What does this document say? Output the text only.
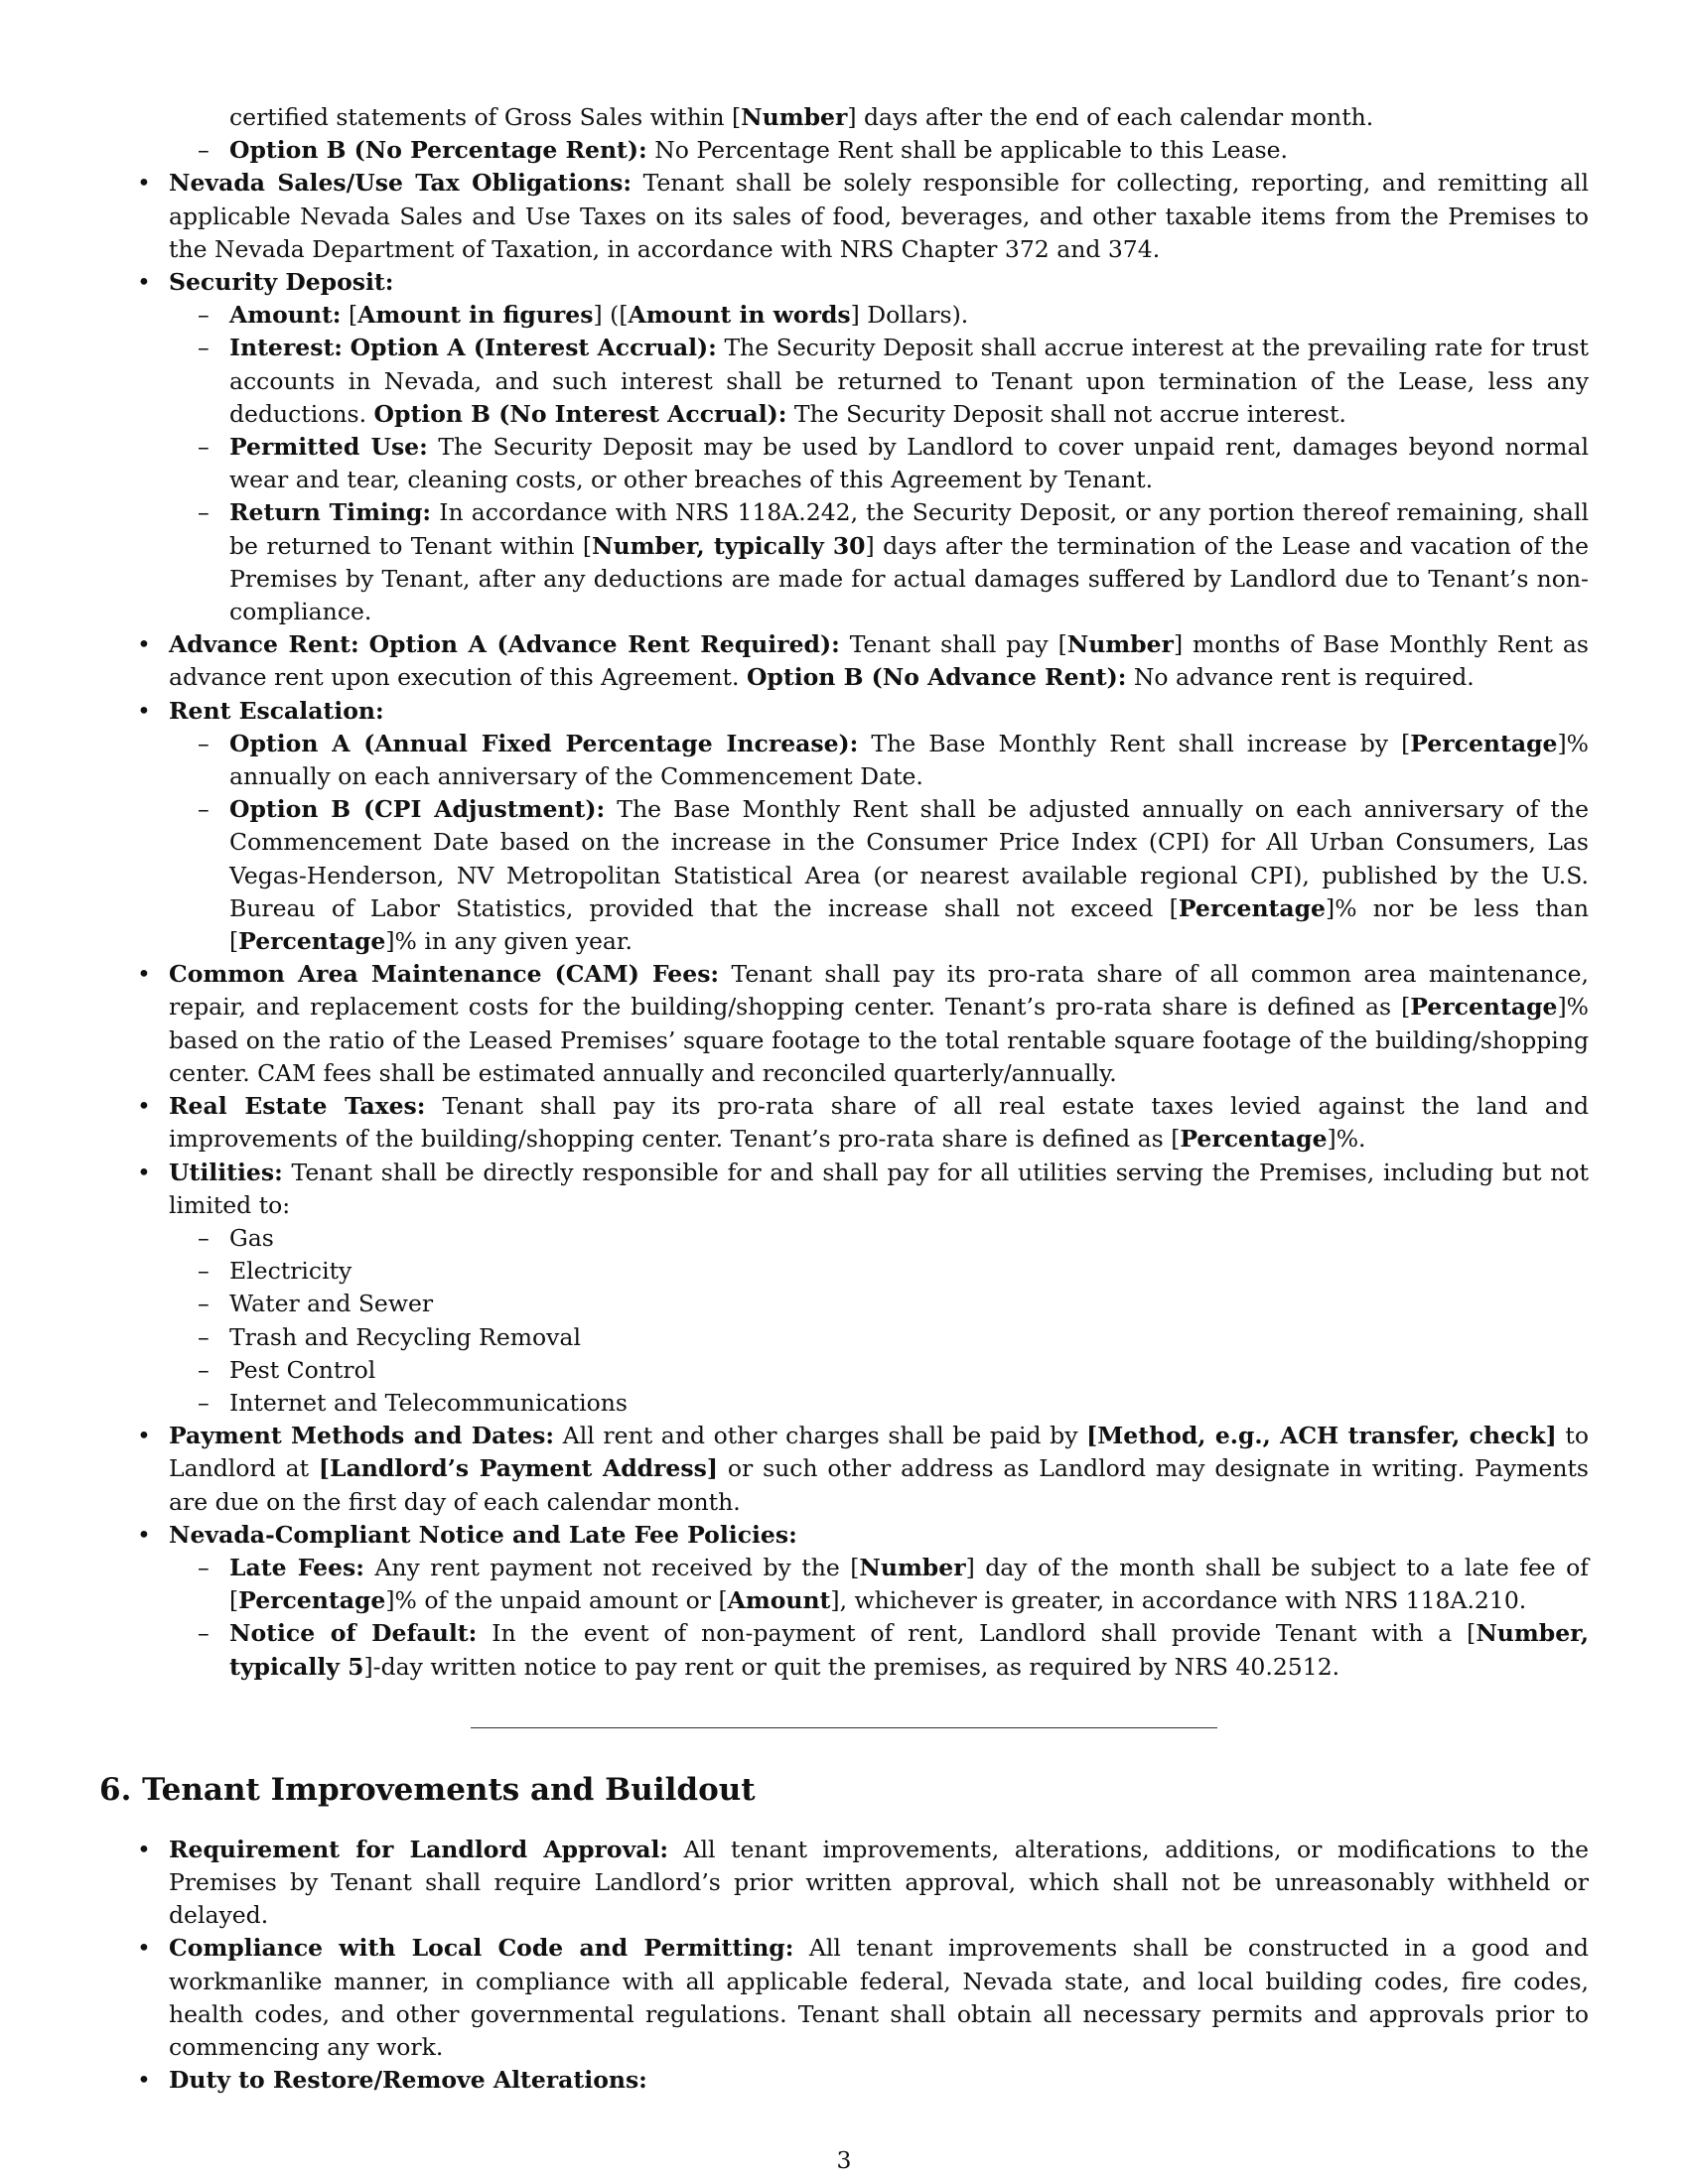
certified statements of Gross Sales within [Number] days after the end of each calendar month.

– Option B (No Percentage Rent): No Percentage Rent shall be applicable to this Lease.

• Nevada Sales/Use Tax Obligations: Tenant shall be solely responsible for collecting, reporting, and remitting all applicable Nevada Sales and Use Taxes on its sales of food, beverages, and other taxable items from the Premises to the Nevada Department of Taxation, in accordance with NRS Chapter 372 and 374.

• Security Deposit:

– Amount: [Amount in figures] ([Amount in words] Dollars).

– Interest: Option A (Interest Accrual): The Security Deposit shall accrue interest at the prevailing rate for trust accounts in Nevada, and such interest shall be returned to Tenant upon termination of the Lease, less any deductions. Option B (No Interest Accrual): The Security Deposit shall not accrue interest.

– Permitted Use: The Security Deposit may be used by Landlord to cover unpaid rent, damages beyond normal wear and tear, cleaning costs, or other breaches of this Agreement by Tenant.

– Return Timing: In accordance with NRS 118A.242, the Security Deposit, or any portion thereof remaining, shall be returned to Tenant within [Number, typically 30] days after the termination of the Lease and vacation of the Premises by Tenant, after any deductions are made for actual damages suffered by Landlord due to Tenant’s non-compliance.

• Advance Rent: Option A (Advance Rent Required): Tenant shall pay [Number] months of Base Monthly Rent as advance rent upon execution of this Agreement. Option B (No Advance Rent): No advance rent is required.

• Rent Escalation:

– Option A (Annual Fixed Percentage Increase): The Base Monthly Rent shall increase by [Percentage]% annually on each anniversary of the Commencement Date.

– Option B (CPI Adjustment): The Base Monthly Rent shall be adjusted annually on each anniversary of the Commencement Date based on the increase in the Consumer Price Index (CPI) for All Urban Consumers, Las Vegas-Henderson, NV Metropolitan Statistical Area (or nearest available regional CPI), published by the U.S. Bureau of Labor Statistics, provided that the increase shall not exceed [Percentage]% nor be less than [Percentage]% in any given year.

• Common Area Maintenance (CAM) Fees: Tenant shall pay its pro-rata share of all common area maintenance, repair, and replacement costs for the building/shopping center. Tenant’s pro-rata share is defined as [Percentage]% based on the ratio of the Leased Premises’ square footage to the total rentable square footage of the building/shopping center. CAM fees shall be estimated annually and reconciled quarterly/annually.

• Real Estate Taxes: Tenant shall pay its pro-rata share of all real estate taxes levied against the land and improvements of the building/shopping center. Tenant’s pro-rata share is defined as [Percentage]%.

• Utilities: Tenant shall be directly responsible for and shall pay for all utilities serving the Premises, including but not limited to:

– Gas

– Electricity

– Water and Sewer

– Trash and Recycling Removal

– Pest Control

– Internet and Telecommunications

• Payment Methods and Dates: All rent and other charges shall be paid by [Method, e.g., ACH transfer, check] to Landlord at [Landlord’s Payment Address] or such other address as Landlord may designate in writing. Payments are due on the first day of each calendar month.

• Nevada-Compliant Notice and Late Fee Policies:

– Late Fees: Any rent payment not received by the [Number] day of the month shall be subject to a late fee of [Percentage]% of the unpaid amount or [Amount], whichever is greater, in accordance with NRS 118A.210.

– Notice of Default: In the event of non-payment of rent, Landlord shall provide Tenant with a [Number, typically 5]-day written notice to pay rent or quit the premises, as required by NRS 40.2512.

6. Tenant Improvements and Buildout

• Requirement for Landlord Approval: All tenant improvements, alterations, additions, or modifications to the Premises by Tenant shall require Landlord’s prior written approval, which shall not be unreasonably withheld or delayed.

• Compliance with Local Code and Permitting: All tenant improvements shall be constructed in a good and workmanlike manner, in compliance with all applicable federal, Nevada state, and local building codes, fire codes, health codes, and other governmental regulations. Tenant shall obtain all necessary permits and approvals prior to commencing any work.

• Duty to Restore/Remove Alterations:

3
